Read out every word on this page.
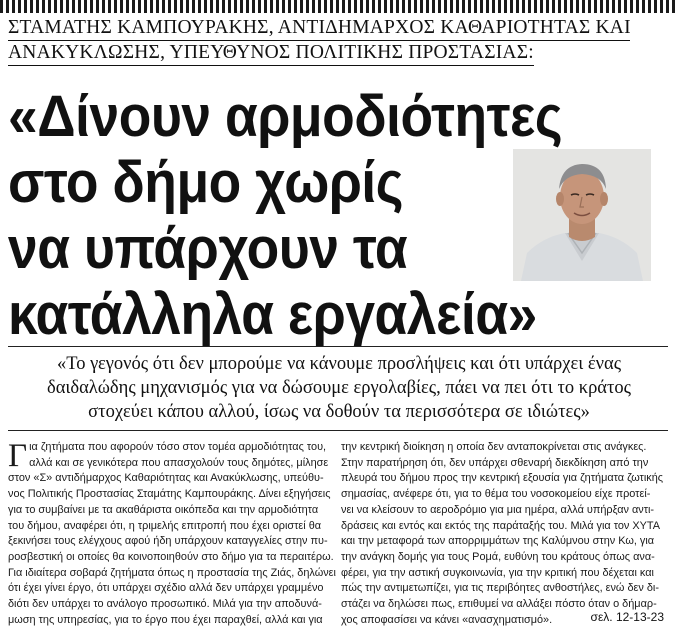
ΣΤΑΜΑΤΗΣ ΚΑΜΠΟΥΡΑΚΗΣ, ΑΝΤΙΔΗΜΑΡΧΟΣ ΚΑΘΑΡΙΟΤΗΤΑΣ ΚΑΙ
ΑΝΑΚΥΚΛΩΣΗΣ, ΥΠΕΥΘΥΝΟΣ ΠΟΛΙΤΙΚΗΣ ΠΡΟΣΤΑΣΙΑΣ:
«Δίνουν αρμοδιότητες
στο δήμο χωρίς
να υπάρχουν τα
κατάλληλα εργαλεία»
«Το γεγονός ότι δεν μπορούμε να κάνουμε προσλήψεις και ότι υπάρχει ένας
δαιδαλώδης μηχανισμός για να δώσουμε εργολαβίες, πάει να πει ότι το κράτος
στοχεύει κάπου αλλού, ίσως να δοθούν τα περισσότερα σε ιδιώτες»
Γ ια ζητήματα που αφορούν τόσο στον τομέα αρμοδιότητας του,
αλλά και σε γενικότερα που απασχολούν τους δημότες, μίλησε
στον «Σ» αντιδήμαρχος Καθαριότητας και Ανακύκλωσης, υπεύθυ-
νος Πολιτικής Προστασίας Σταμάτης Καμπουράκης. Δίνει εξηγήσεις
για το συμβαίνει με τα ακαθάριστα οικόπεδα και την αρμοδιότητα
του δήμου, αναφέρει ότι, η τριμελής επιτροπή που έχει οριστεί θα
ξεκινήσει τους ελέγχους αφού ήδη υπάρχουν καταγγελίες στην πυ-
ροσβεστική οι οποίες θα κοινοποιηθούν στο δήμο για τα περαιτέρω.
Για ιδιαίτερα σοβαρά ζητήματα όπως η προστασία της Ζιάς, δηλώνει
ότι έχει γίνει έργο, ότι υπάρχει σχέδιο αλλά δεν υπάρχει γραμμένο
διότι δεν υπάρχει το ανάλογο προσωπικό. Μιλά για την αποδυνά-
μωση της υπηρεσίας, για το έργο που έχει παραχθεί, αλλά και για
την κεντρική διοίκηση η οποία δεν ανταποκρίνεται στις ανάγκες.
Στην παρατήρηση ότι, δεν υπάρχει σθεναρή διεκδίκηση από την
πλευρά του δήμου προς την κεντρική εξουσία για ζητήματα ζωτικής
σημασίας, ανέφερε ότι, για το θέμα του νοσοκομείου είχε προτεί-
νει να κλείσουν το αεροδρόμιο για μια ημέρα, αλλά υπήρξαν αντι-
δράσεις και εντός και εκτός της παράταξής του. Μιλά για τον ΧΥΤΑ
και την μεταφορά των απορριμμάτων της Καλύμνου στην Κω, για
την ανάγκη δομής για τους Ρομά, ευθύνη του κράτους όπως ανα-
φέρει, για την αστική συγκοινωνία, για την κριτική που δέχεται και
πώς την αντιμετωπίζει, για τις περιβόητες ανθοστήλες, ενώ δεν δι-
στάζει να δηλώσει πως, επιθυμεί να αλλάξει πόστο όταν ο δήμαρ-
χος αποφασίσει να κάνει «ανασχηματισμό».	σελ. 12-13-23
